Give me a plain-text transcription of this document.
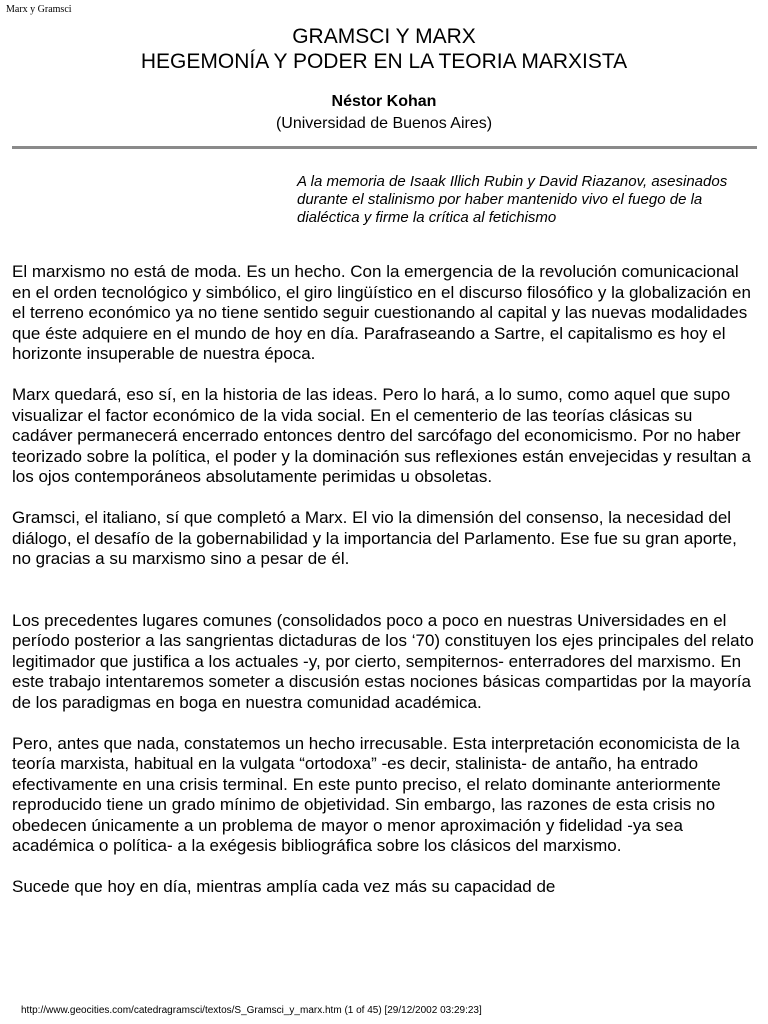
Marx y Gramsci
GRAMSCI Y MARX
HEGEMONÍA Y PODER EN LA TEORIA MARXISTA
Néstor Kohan
(Universidad de Buenos Aires)
A la memoria de Isaak Illich Rubin y David Riazanov, asesinados durante el stalinismo por haber mantenido vivo el fuego de la dialéctica y firme la crítica al fetichismo

El marxismo no está de moda. Es un hecho. Con la emergencia de la revolución comunicacional en el orden tecnológico y simbólico, el giro lingüístico en el discurso filosófico y la globalización en el terreno económico ya no tiene sentido seguir cuestionando al capital y las nuevas modalidades que éste adquiere en el mundo de hoy en día. Parafraseando a Sartre, el capitalismo es hoy el horizonte insuperable de nuestra época.

Marx quedará, eso sí, en la historia de las ideas. Pero lo hará, a lo sumo, como aquel que supo visualizar el factor económico de la vida social. En el cementerio de las teorías clásicas su cadáver permanecerá encerrado entonces dentro del sarcófago del economicismo. Por no haber teorizado sobre la política, el poder y la dominación sus reflexiones están envejecidas y resultan a los ojos contemporáneos absolutamente perimidas u obsoletas.

Gramsci, el italiano, sí que completó a Marx. El vio la dimensión del consenso, la necesidad del diálogo, el desafío de la gobernabilidad y la importancia del Parlamento. Ese fue su gran aporte, no gracias a su marxismo sino a pesar de él.

Los precedentes lugares comunes (consolidados poco a poco en nuestras Universidades en el período posterior a las sangrientas dictaduras de los ‘70) constituyen los ejes principales del relato legitimador que justifica a los actuales -y, por cierto, sempiternos- enterradores del marxismo. En este trabajo intentaremos someter a discusión estas nociones básicas compartidas por la mayoría de los paradigmas en boga en nuestra comunidad académica.

Pero, antes que nada, constatemos un hecho irrecusable. Esta interpretación economicista de la teoría marxista, habitual en la vulgata “ortodoxa” -es decir, stalinista- de antaño, ha entrado efectivamente en una crisis terminal. En este punto preciso, el relato dominante anteriormente reproducido tiene un grado mínimo de objetividad. Sin embargo, las razones de esta crisis no obedecen únicamente a un problema de mayor o menor aproximación y fidelidad -ya sea académica o política- a la exégesis bibliográfica sobre los clásicos del marxismo.

Sucede que hoy en día, mientras amplía cada vez más su capacidad de

http://www.geocities.com/catedragramsci/textos/S_Gramsci_y_marx.htm (1 of 45) [29/12/2002 03:29:23]
